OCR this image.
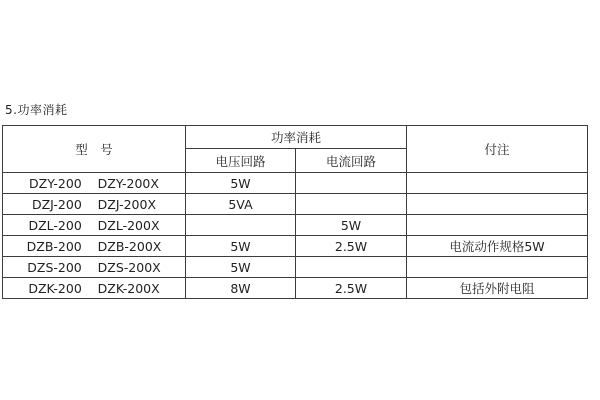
5.功率消耗
型　号	功率消耗		付注
	电压回路	电流回路	
DZY-200    DZY-200X	5W		
DZJ-200    DZJ-200X	5VA		
DZL-200    DZL-200X		5W	
DZB-200    DZB-200X	5W	2.5W	电流动作规格5W
DZS-200    DZS-200X	5W		
DZK-200    DZK-200X	8W	2.5W	包括外附电阻
